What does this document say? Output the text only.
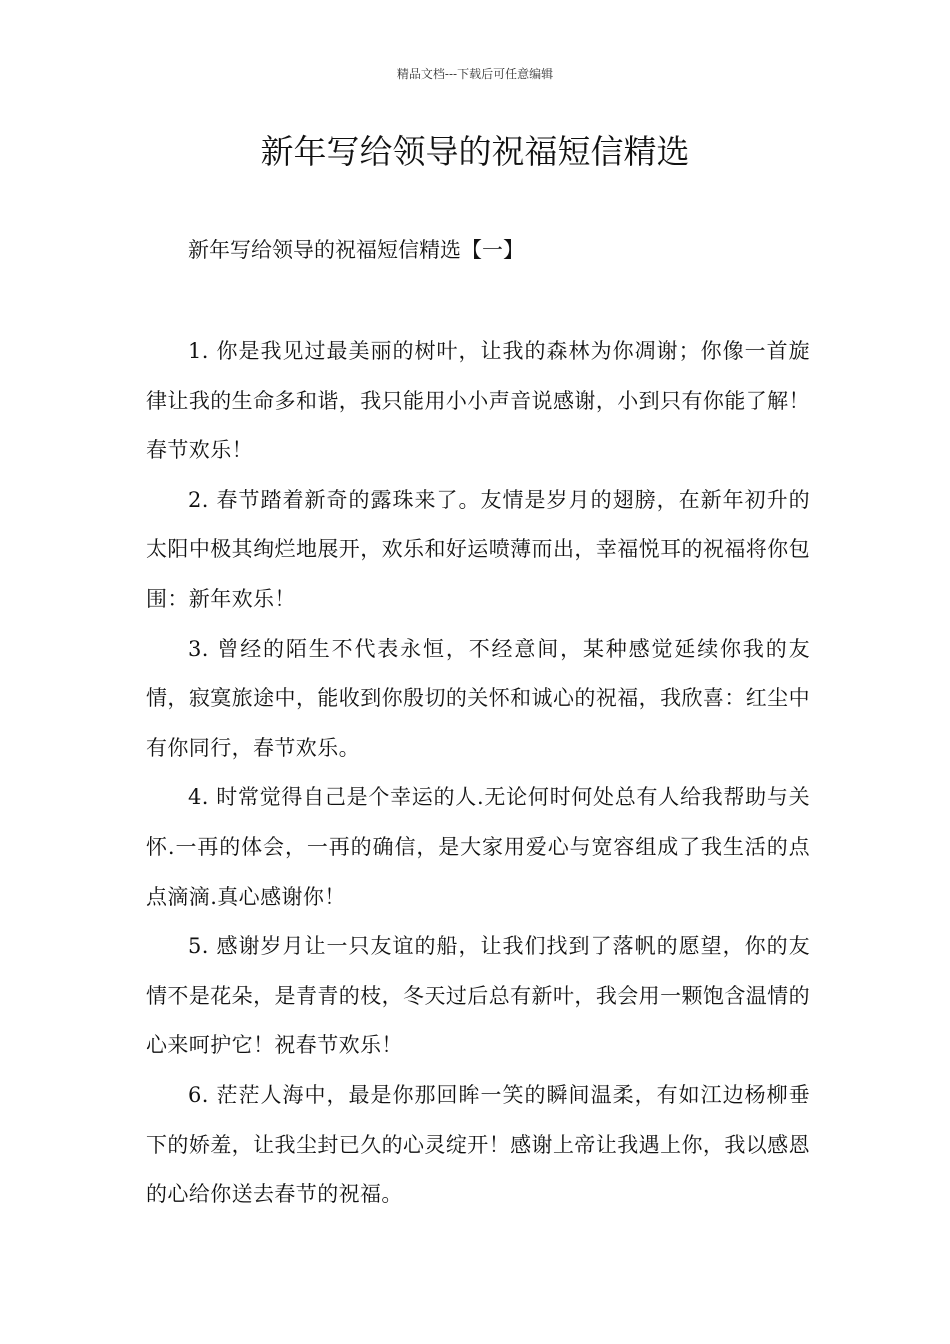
精品文档---下载后可任意编辑
新年写给领导的祝福短信精选

新年写给领导的祝福短信精选【一】

1. 你是我见过最美丽的树叶，让我的森林为你凋谢；你像一首旋律让我的生命多和谐，我只能用小小声音说感谢，小到只有你能了解！春节欢乐！

2. 春节踏着新奇的露珠来了。友情是岁月的翅膀，在新年初升的太阳中极其绚烂地展开，欢乐和好运喷薄而出，幸福悦耳的祝福将你包围：新年欢乐！

3. 曾经的陌生不代表永恒，不经意间，某种感觉延续你我的友情，寂寞旅途中，能收到你殷切的关怀和诚心的祝福，我欣喜：红尘中有你同行，春节欢乐。

4. 时常觉得自己是个幸运的人.无论何时何处总有人给我帮助与关怀.一再的体会，一再的确信，是大家用爱心与宽容组成了我生活的点点滴滴.真心感谢你！

5. 感谢岁月让一只友谊的船，让我们找到了落帆的愿望，你的友情不是花朵，是青青的枝，冬天过后总有新叶，我会用一颗饱含温情的心来呵护它！祝春节欢乐！

6. 茫茫人海中，最是你那回眸一笑的瞬间温柔，有如江边杨柳垂下的娇羞，让我尘封已久的心灵绽开！感谢上帝让我遇上你，我以感恩的心给你送去春节的祝福。
